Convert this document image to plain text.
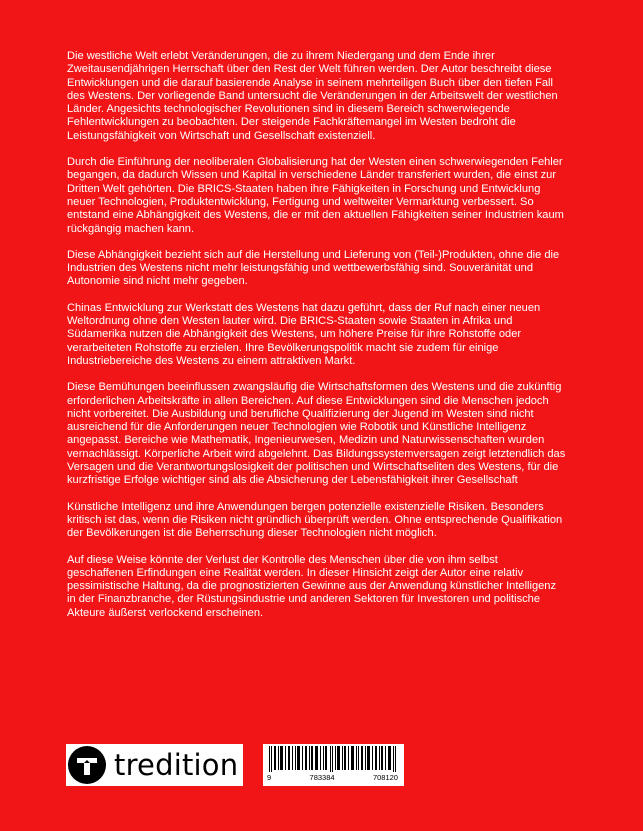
Die westliche Welt erlebt Veränderungen, die zu ihrem Niedergang und dem Ende ihrer Zweitausendjährigen Herrschaft über den Rest der Welt führen werden. Der Autor beschreibt diese Entwicklungen und die darauf basierende Analyse in seinem mehrteiligen Buch über den tiefen Fall des Westens. Der vorliegende Band untersucht die Veränderungen in der Arbeitswelt der westlichen Länder. Angesichts technologischer Revolutionen sind in diesem Bereich schwerwiegende Fehlentwicklungen zu beobachten. Der steigende Fachkräftemangel im Westen bedroht die Leistungsfähigkeit von Wirtschaft und Gesellschaft existenziell.

Durch die Einführung der neoliberalen Globalisierung hat der Westen einen schwerwiegenden Fehler begangen, da dadurch Wissen und Kapital in verschiedene Länder transferiert wurden, die einst zur Dritten Welt gehörten. Die BRICS-Staaten haben ihre Fähigkeiten in Forschung und Entwicklung neuer Technologien, Produktentwicklung, Fertigung und weltweiter Vermarktung verbessert. So entstand eine Abhängigkeit des Westens, die er mit den aktuellen Fähigkeiten seiner Industrien kaum rückgängig machen kann.

Diese Abhängigkeit bezieht sich auf die Herstellung und Lieferung von (Teil-)Produkten, ohne die die Industrien des Westens nicht mehr leistungsfähig und wettbewerbsfähig sind. Souveränität und Autonomie sind nicht mehr gegeben.

Chinas Entwicklung zur Werkstatt des Westens hat dazu geführt, dass der Ruf nach einer neuen Weltordnung ohne den Westen lauter wird. Die BRICS-Staaten sowie Staaten in Afrika und Südamerika nutzen die Abhängigkeit des Westens, um höhere Preise für ihre Rohstoffe oder verarbeiteten Rohstoffe zu erzielen. Ihre Bevölkerungspolitik macht sie zudem für einige Industriebereiche des Westens zu einem attraktiven Markt.

Diese Bemühungen beeinflussen zwangsläufig die Wirtschaftsformen des Westens und die zukünftig erforderlichen Arbeitskräfte in allen Bereichen. Auf diese Entwicklungen sind die Menschen jedoch nicht vorbereitet. Die Ausbildung und berufliche Qualifizierung der Jugend im Westen sind nicht ausreichend für die Anforderungen neuer Technologien wie Robotik und Künstliche Intelligenz angepasst. Bereiche wie Mathematik, Ingenieurwesen, Medizin und Naturwissenschaften wurden vernachlässigt. Körperliche Arbeit wird abgelehnt. Das Bildungssystemversagen zeigt letztendlich das Versagen und die Verantwortungslosigkeit der politischen und Wirtschaftseliten des Westens, für die kurzfristige Erfolge wichtiger sind als die Absicherung der Lebensfähigkeit ihrer Gesellschaft

Künstliche Intelligenz und ihre Anwendungen bergen potenzielle existenzielle Risiken. Besonders kritisch ist das, wenn die Risiken nicht gründlich überprüft werden. Ohne entsprechende Qualifikation der Bevölkerungen ist die Beherrschung dieser Technologien nicht möglich.

Auf diese Weise könnte der Verlust der Kontrolle des Menschen über die von ihm selbst geschaffenen Erfindungen eine Realität werden. In dieser Hinsicht zeigt der Autor eine relativ pessimistische Haltung, da die prognostizierten Gewinne aus der Anwendung künstlicher Intelligenz in der Finanzbranche, der Rüstungsindustrie und anderen Sektoren für Investoren und politische Akteure äußerst verlockend erscheinen.

tredition	9	783384	708120
